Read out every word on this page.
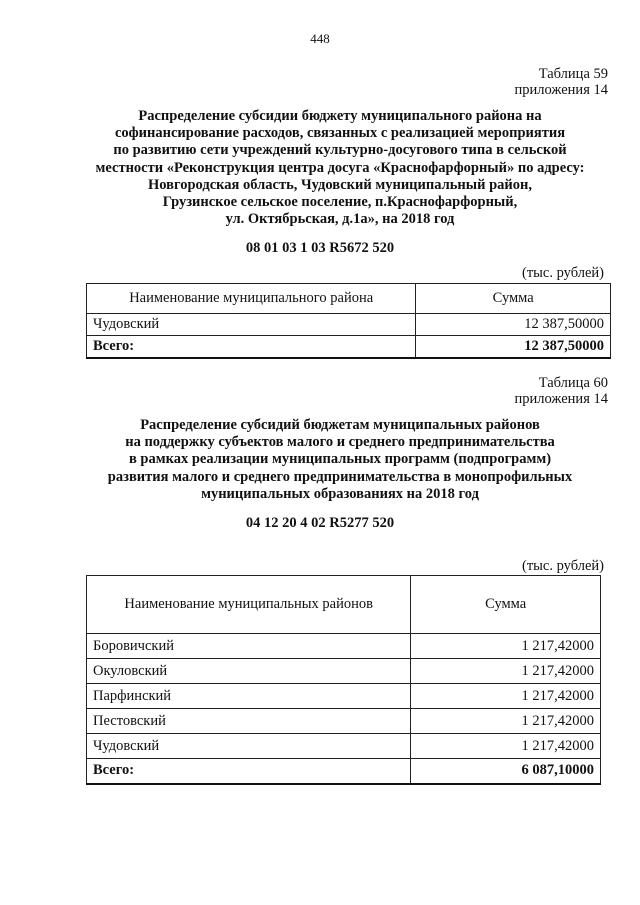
448
Таблица 59
приложения 14
Распределение субсидии бюджету муниципального района на
софинансирование расходов, связанных с реализацией мероприятия
по развитию сети учреждений культурно-досугового типа в сельской
местности «Реконструкция центра досуга «Краснофарфорный» по адресу:
Новгородская область, Чудовский муниципальный район,
Грузинское сельское поселение, п.Краснофарфорный,
ул. Октябрьская, д.1а», на 2018 год
08 01 03 1 03 R5672 520
(тыс. рублей)
Наименование муниципального района	Сумма
Чудовский	12 387,50000
Всего:	12 387,50000
Таблица 60
приложения 14
Распределение субсидий бюджетам муниципальных районов
на поддержку субъектов малого и среднего предпринимательства
в рамках реализации муниципальных программ (подпрограмм)
развития малого и среднего предпринимательства в монопрофильных
муниципальных образованиях на 2018 год
04 12 20 4 02 R5277 520
(тыс. рублей)
Наименование муниципальных районов	Сумма
Боровичский	1 217,42000
Окуловский	1 217,42000
Парфинский	1 217,42000
Пестовский	1 217,42000
Чудовский	1 217,42000
Всего:	6 087,10000
